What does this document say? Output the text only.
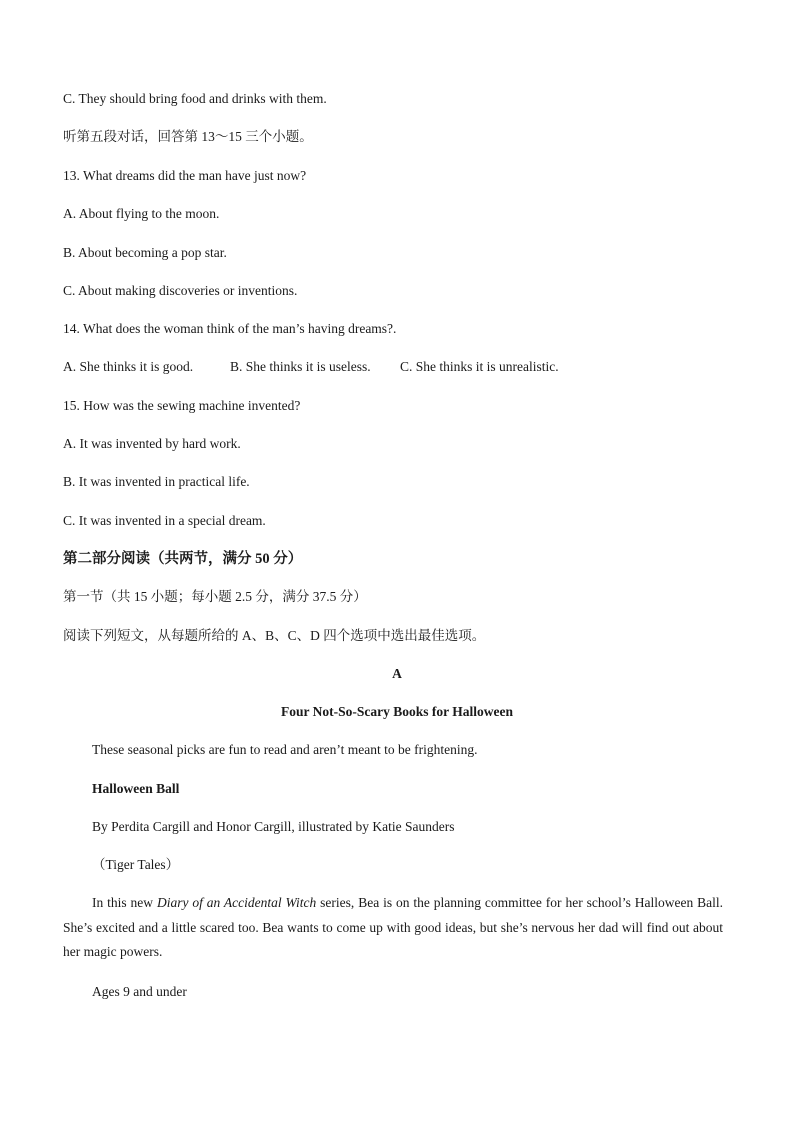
C. They should bring food and drinks with them.
听第五段对话，回答第 13～15 三个小题。
13. What dreams did the man have just now?
A. About flying to the moon.
B. About becoming a pop star.
C. About making discoveries or inventions.
14. What does the woman think of the man’s having dreams?.
A. She thinks it is good.	B. She thinks it is useless. C. She thinks it is unrealistic.
15. How was the sewing machine invented?
A. It was invented by hard work.
B. It was invented in practical life.
C. It was invented in a special dream.
第二部分阅读（共两节，满分 50 分）
第一节（共 15 小题；每小题 2.5 分，满分 37.5 分）
阅读下列短文，从每题所给的 A、B、C、D 四个选项中选出最佳选项。
A
Four Not-So-Scary Books for Halloween
These seasonal picks are fun to read and aren’t meant to be frightening.
Halloween Ball
By Perdita Cargill and Honor Cargill, illustrated by Katie Saunders
（Tiger Tales）
In this new Diary of an Accidental Witch series, Bea is on the planning committee for her school’s Halloween Ball. She’s excited and a little scared too. Bea wants to come up with good ideas, but she’s nervous her dad will find out about her magic powers.
Ages 9 and under
